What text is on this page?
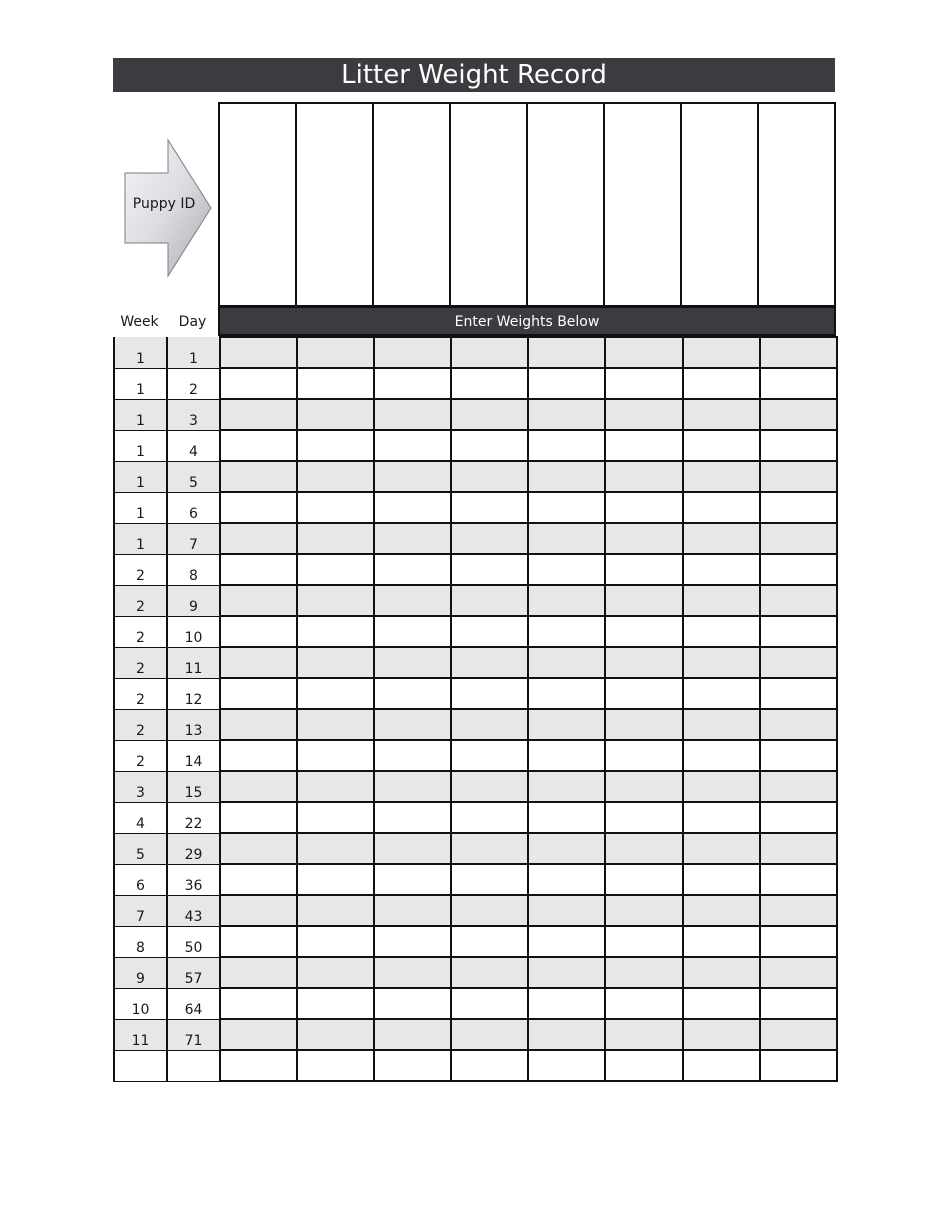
Litter Weight Record
Puppy ID

Enter Weights Below
Week	Day
1	1								
1	2								
1	3								
1	4								
1	5								
1	6								
1	7								
2	8								
2	9								
2	10								
2	11								
2	12								
2	13								
2	14								
3	15								
4	22								
5	29								
6	36								
7	43								
8	50								
9	57								
10	64								
11	71								
